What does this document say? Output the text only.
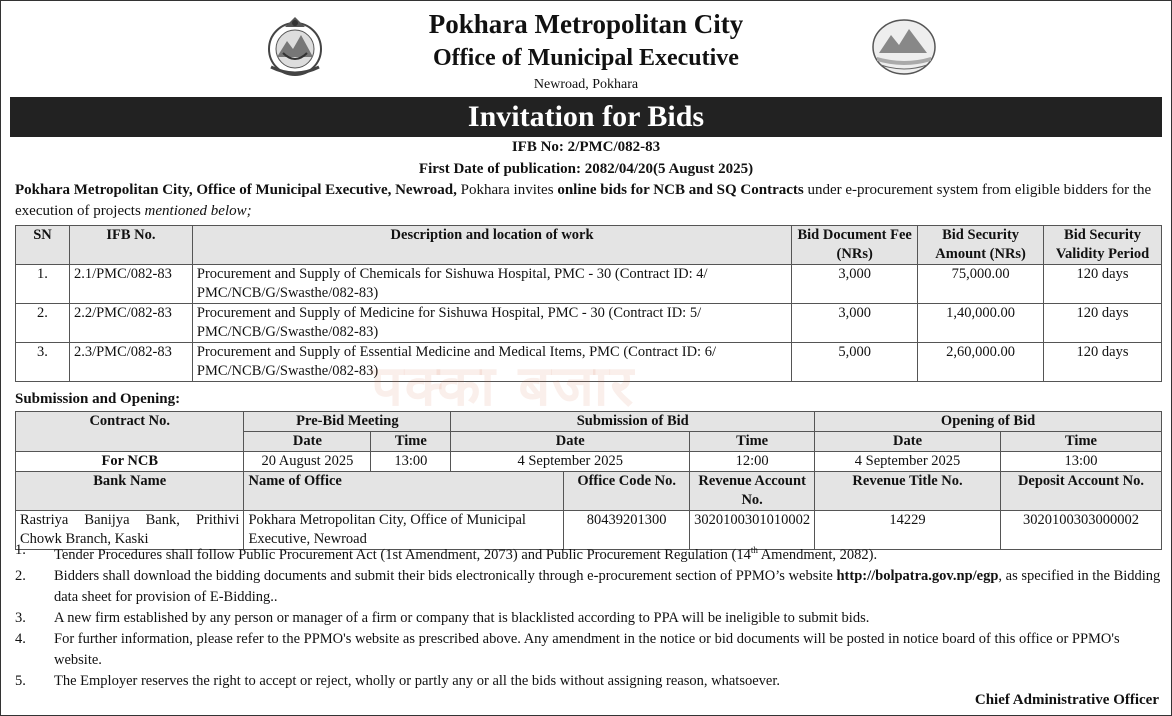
Pokhara Metropolitan City
Office of Municipal Executive
Newroad, Pokhara
Invitation for Bids
IFB No: 2/PMC/082-83
First Date of publication: 2082/04/20(5 August 2025)
Pokhara Metropolitan City, Office of Municipal Executive, Newroad, Pokhara invites online bids for NCB and SQ Contracts under e-procurement system from eligible bidders for the execution of projects mentioned below;
SN	IFB No.	Description and location of work	Bid Document Fee (NRs)	Bid Security Amount (NRs)	Bid Security Validity Period
1.	2.1/PMC/082-83	Procurement and Supply of Chemicals for Sishuwa Hospital, PMC - 30 (Contract ID: 4/ PMC/NCB/G/Swasthe/082-83)	3,000	75,000.00	120 days
2.	2.2/PMC/082-83	Procurement and Supply of Medicine for Sishuwa Hospital, PMC - 30 (Contract ID: 5/ PMC/NCB/G/Swasthe/082-83)	3,000	1,40,000.00	120 days
3.	2.3/PMC/082-83	Procurement and Supply of Essential Medicine and Medical Items, PMC (Contract ID: 6/ PMC/NCB/G/Swasthe/082-83)	5,000	2,60,000.00	120 days
पक्का बजार
Submission and Opening:
Contract No.	Pre-Bid Meeting		Submission of Bid			Opening of Bid	
	Date	Time	Date		Time	Date	Time
For NCB	20 August 2025	13:00	4 September 2025		12:00	4 September 2025	13:00
Bank Name	Name of Office			Office Code No.	Revenue Account No.	Revenue Title No.	Deposit Account No.
Rastriya Banijya Bank, Prithivi Chowk Branch, Kaski	Pokhara Metropolitan City, Office of Municipal Executive, Newroad			80439201300	3020100301010002	14229	3020100303000002
1. Tender Procedures shall follow Public Procurement Act (1st Amendment, 2073) and Public Procurement Regulation (14th Amendment, 2082).
2. Bidders shall download the bidding documents and submit their bids electronically through e-procurement section of PPMO’s website http://bolpatra.gov.np/egp, as specified in the Bidding data sheet for provision of E-Bidding..
3. A new firm established by any person or manager of a firm or company that is blacklisted according to PPA will be ineligible to submit bids.
4. For further information, please refer to the PPMO's website as prescribed above. Any amendment in the notice or bid documents will be posted in notice board of this office or PPMO's website.
5. The Employer reserves the right to accept or reject, wholly or partly any or all the bids without assigning reason, whatsoever.
Chief Administrative Officer
